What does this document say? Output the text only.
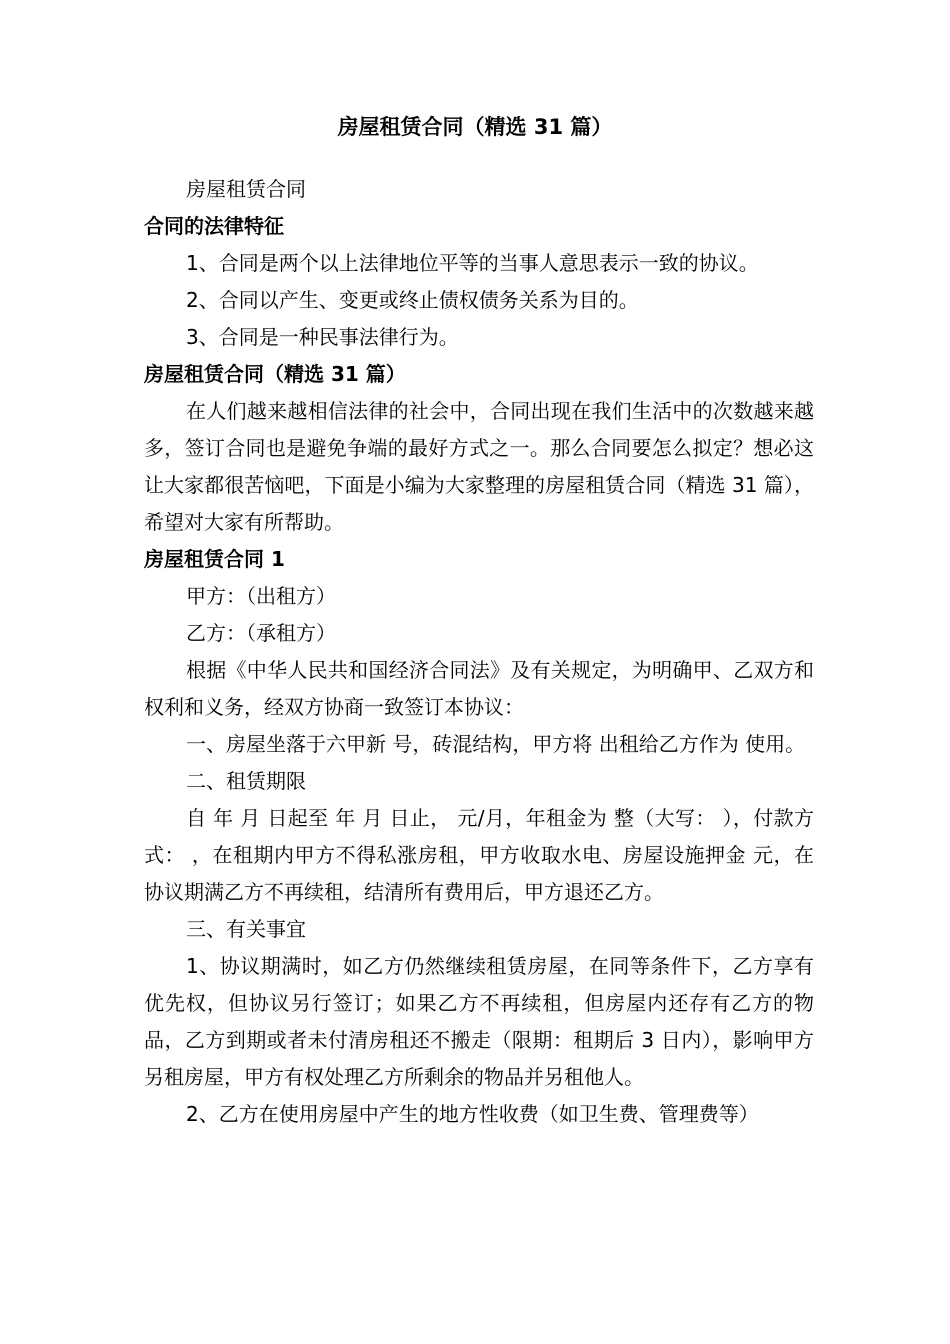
房屋租赁合同（精选 31 篇）

房屋租赁合同

合同的法律特征

1、合同是两个以上法律地位平等的当事人意思表示一致的协议。

2、合同以产生、变更或终止债权债务关系为目的。

3、合同是一种民事法律行为。

房屋租赁合同（精选 31 篇）

在人们越来越相信法律的社会中，合同出现在我们生活中的次数越来越多，签订合同也是避免争端的最好方式之一。那么合同要怎么拟定？想必这让大家都很苦恼吧，下面是小编为大家整理的房屋租赁合同（精选 31 篇），希望对大家有所帮助。

房屋租赁合同 1

甲方：（出租方）

乙方：（承租方）

根据《中华人民共和国经济合同法》及有关规定，为明确甲、乙双方和权利和义务，经双方协商一致签订本协议：

一、房屋坐落于六甲新 号，砖混结构，甲方将 出租给乙方作为 使用。

二、租赁期限

自 年 月 日起至 年 月 日止， 元/月，年租金为 整（大写： ），付款方式： ，在租期内甲方不得私涨房租，甲方收取水电、房屋设施押金 元，在协议期满乙方不再续租，结清所有费用后，甲方退还乙方。

三、有关事宜

1、协议期满时，如乙方仍然继续租赁房屋，在同等条件下，乙方享有优先权，但协议另行签订；如果乙方不再续租，但房屋内还存有乙方的物品，乙方到期或者未付清房租还不搬走（限期：租期后 3 日内），影响甲方另租房屋，甲方有权处理乙方所剩余的物品并另租他人。

2、乙方在使用房屋中产生的地方性收费（如卫生费、管理费等）
